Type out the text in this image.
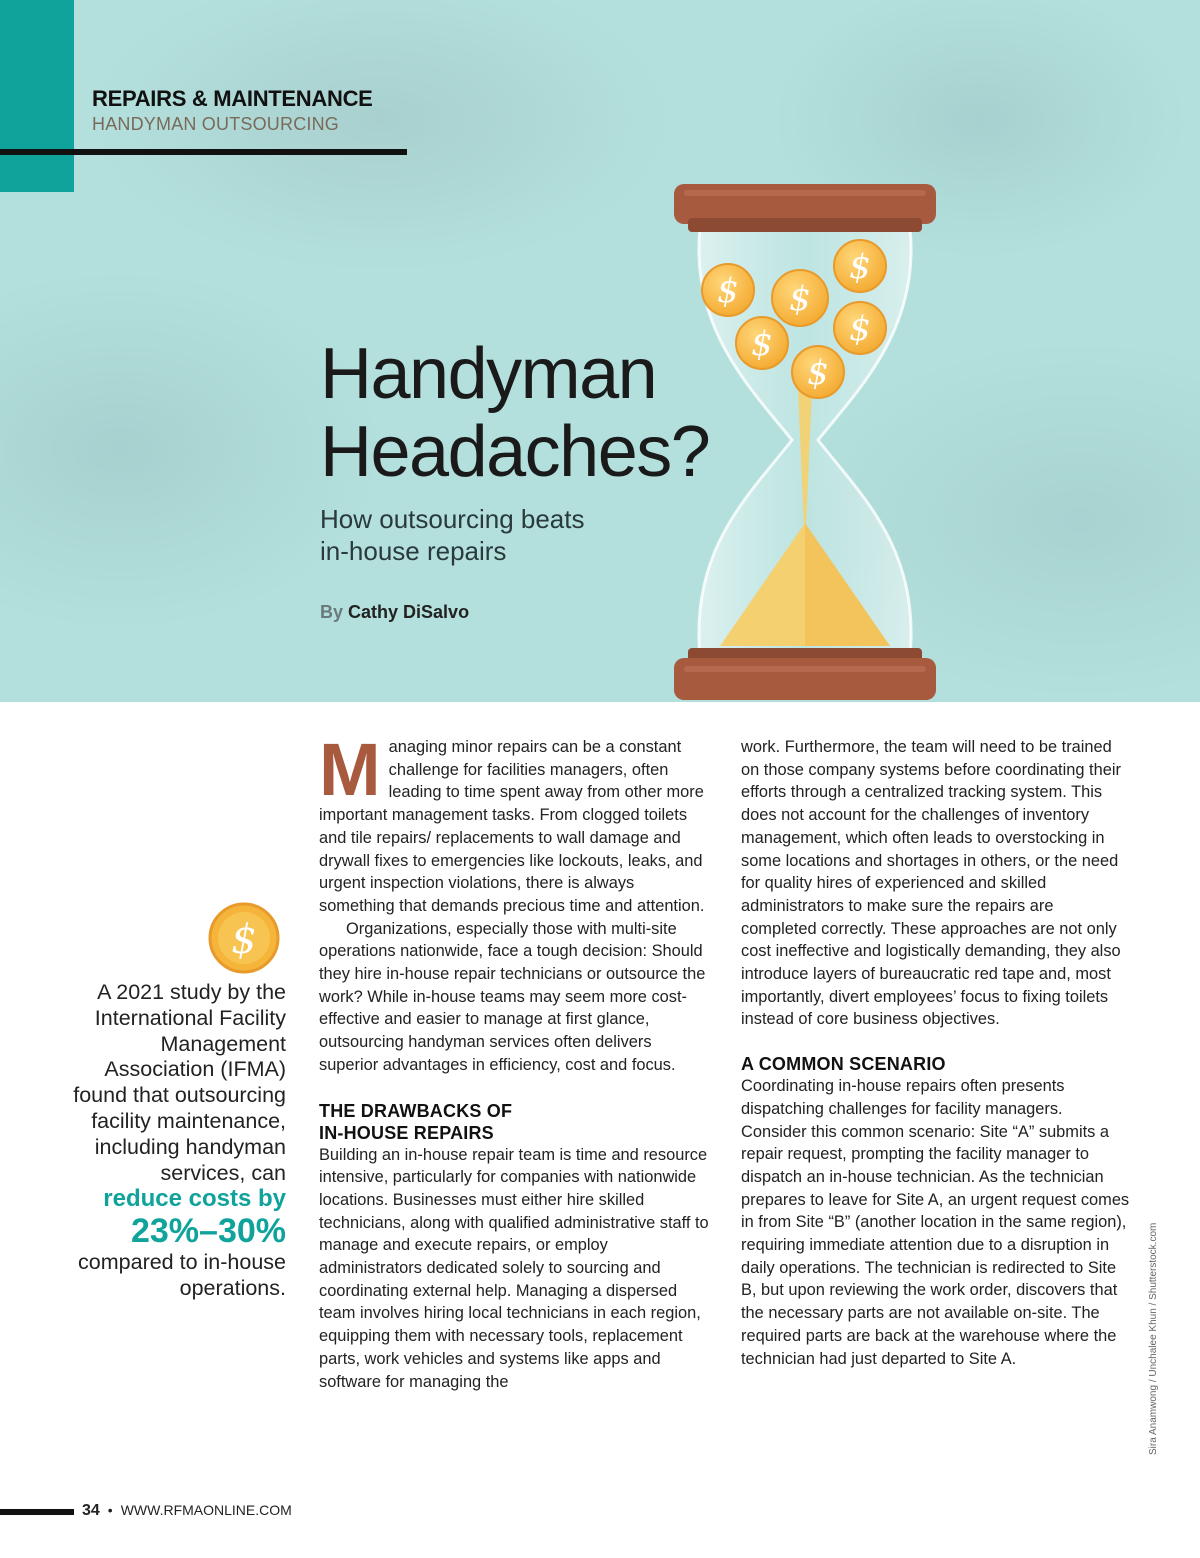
REPAIRS & MAINTENANCE
HANDYMAN OUTSOURCING
$
$
$
$ $
$
Handyman
Headaches?
How outsourcing beats
in-house repairs
By Cathy DiSalvo
$
A 2021 study by the International Facility Management Association (IFMA) found that outsourcing facility maintenance, including handyman services, can
reduce costs by
23%–30%
compared to in-house operations.

Managing minor repairs can be a constant challenge for facilities managers, often leading to time spent away from other more important management tasks. From clogged toilets and tile repairs/ replacements to wall damage and drywall fixes to emergencies like lockouts, leaks, and urgent inspection violations, there is always something that demands precious time and attention.

Organizations, especially those with multi-site operations nationwide, face a tough decision: Should they hire in-house repair technicians or outsource the work? While in-house teams may seem more cost-effective and easier to manage at first glance, outsourcing handyman services often delivers superior advantages in efficiency, cost and focus.

THE DRAWBACKS OF
IN-HOUSE REPAIRS

Building an in-house repair team is time and resource intensive, particularly for companies with nationwide locations. Businesses must either hire skilled technicians, along with qualified administrative staff to manage and execute repairs, or employ administrators dedicated solely to sourcing and coordinating external help. Managing a dispersed team involves hiring local technicians in each region, equipping them with necessary tools, replacement parts, work vehicles and systems like apps and software for managing the

work. Furthermore, the team will need to be trained on those company systems before coordinating their efforts through a centralized tracking system. This does not account for the challenges of inventory management, which often leads to overstocking in some locations and shortages in others, or the need for quality hires of experienced and skilled administrators to make sure the repairs are completed correctly. These approaches are not only cost ineffective and logistically demanding, they also introduce layers of bureaucratic red tape and, most importantly, divert employees’ focus to fixing toilets instead of core business objectives.

A COMMON SCENARIO

Coordinating in-house repairs often presents dispatching challenges for facility managers. Consider this common scenario: Site “A” submits a repair request, prompting the facility manager to dispatch an in-house technician. As the technician prepares to leave for Site A, an urgent request comes in from Site “B” (another location in the same region), requiring immediate attention due to a disruption in daily operations. The technician is redirected to Site B, but upon reviewing the work order, discovers that the necessary parts are not available on-site. The required parts are back at the warehouse where the technician had just departed to Site A.	Sira Anamwong / Unchalee Khun / Shutterstock.com
34 • WWW.RFMAONLINE.COM
